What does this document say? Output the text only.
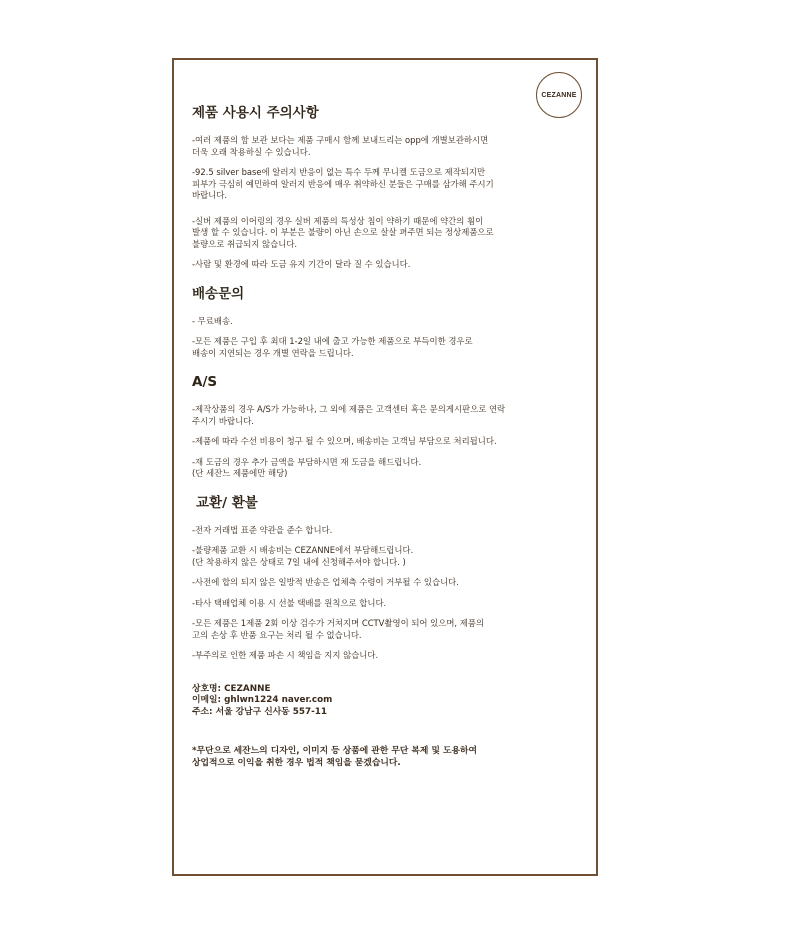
CEZANNE
제품 사용시 주의사항

-여러 제품의 함 보관 보다는 제품 구매시 함께 보내드리는 opp에 개별보관하시면
더욱 오래 착용하실 수 있습니다.

-92.5 silver base에 알러지 반응이 없는 특수 두께 무니켈 도금으로 제작되지만
피부가 극심히 예민하여 알러지 반응에 매우 취약하신 분들은 구매를 삼가해 주시기
바랍니다.

-실버 제품의 이어링의 경우 실버 제품의 특성상 침이 약하기 때문에 약간의 휨이
발생 할 수 있습니다. 이 부분은 불량이 아닌 손으로 살살 펴주면 되는 정상제품으로
불량으로 취급되지 않습니다.

-사람 및 환경에 따라 도금 유지 기간이 달라 질 수 있습니다.

배송문의

- 무료배송.

-모든 제품은 구입 후 최대 1-2일 내에 출고 가능한 제품으로 부득이한 경우로
배송이 지연되는 경우 개별 연락을 드립니다.

A/S

-제작상품의 경우 A/S가 가능하나, 그 외에 제품은 고객센터 혹은 문의게시판으로 연락
주시기 바랍니다.

-제품에 따라 수선 비용이 청구 될 수 있으며, 배송비는 고객님 부담으로 처리됩니다.

-재 도금의 경우 추가 금액을 부담하시면 재 도금을 해드립니다.
(단 세잔느 제품에만 해당)

교환/ 환불

-전자 거래법 표준 약관을 준수 합니다.

-불량제품 교환 시 배송비는 CEZANNE에서 부담해드립니다.
(단 착용하지 않은 상태로 7일 내에 신청해주셔야 합니다. )

-사전에 합의 되지 않은 일방적 반송은 업체측 수령이 거부될 수 있습니다.

-타사 택배업체 이용 시 선불 택배를 원칙으로 합니다.

-모든 제품은 1제품 2회 이상 검수가 거쳐지며 CCTV촬영이 되어 있으며, 제품의
고의 손상 후 반품 요구는 처리 될 수 없습니다.

-부주의로 인한 제품 파손 시 책임을 지지 않습니다.

상호명: CEZANNE

이메일: ghlwn1224 naver.com

주소: 서울 강남구 신사동 557-11

*무단으로 세잔느의 디자인, 이미지 등 상품에 관한 무단 복제 및 도용하여
상업적으로 이익을 취한 경우 법적 책임을 묻겠습니다.
